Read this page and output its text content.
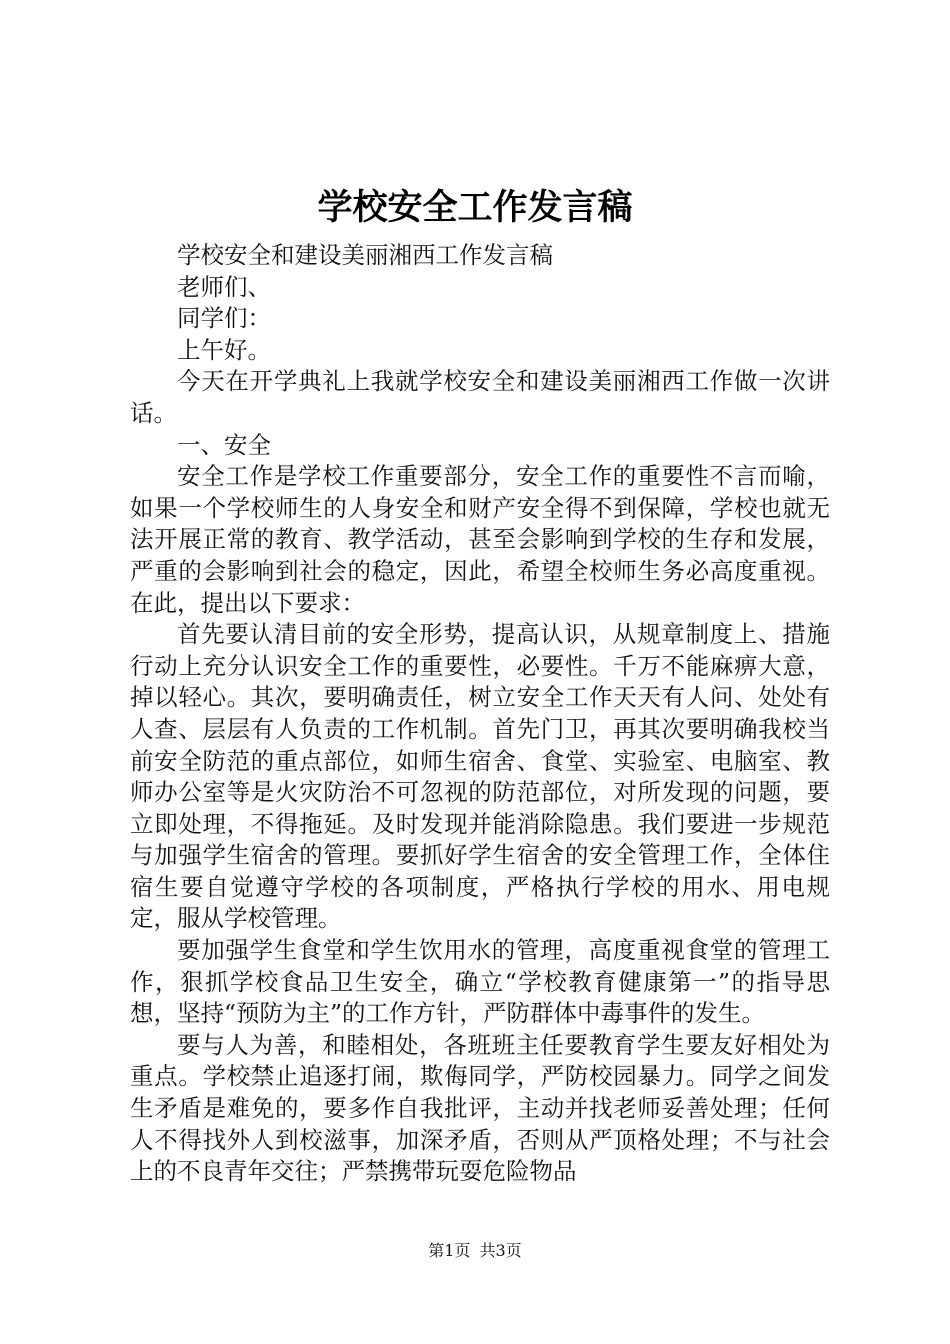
学校安全工作发言稿

学校安全和建设美丽湘西工作发言稿

老师们、

同学们：

上午好。

今天在开学典礼上我就学校安全和建设美丽湘西工作做一次讲话。

一、安全

安全工作是学校工作重要部分，安全工作的重要性不言而喻，如果一个学校师生的人身安全和财产安全得不到保障，学校也就无法开展正常的教育、教学活动，甚至会影响到学校的生存和发展，严重的会影响到社会的稳定，因此，希望全校师生务必高度重视。在此，提出以下要求：

首先要认清目前的安全形势，提高认识，从规章制度上、措施行动上充分认识安全工作的重要性，必要性。千万不能麻痹大意，掉以轻心。其次，要明确责任，树立安全工作天天有人问、处处有人查、层层有人负责的工作机制。首先门卫，再其次要明确我校当前安全防范的重点部位，如师生宿舍、食堂、实验室、电脑室、教师办公室等是火灾防治不可忽视的防范部位，对所发现的问题，要立即处理，不得拖延。及时发现并能消除隐患。我们要进一步规范与加强学生宿舍的管理。要抓好学生宿舍的安全管理工作，全体住宿生要自觉遵守学校的各项制度，严格执行学校的用水、用电规定，服从学校管理。

要加强学生食堂和学生饮用水的管理，高度重视食堂的管理工作，狠抓学校食品卫生安全，确立“学校教育健康第一”的指导思想，坚持“预防为主”的工作方针，严防群体中毒事件的发生。

要与人为善，和睦相处，各班班主任要教育学生要友好相处为重点。学校禁止追逐打闹，欺侮同学，严防校园暴力。同学之间发生矛盾是难免的，要多作自我批评，主动并找老师妥善处理；任何人不得找外人到校滋事，加深矛盾，否则从严顶格处理；不与社会上的不良青年交往；严禁携带玩耍危险物品

第1页 共3页
